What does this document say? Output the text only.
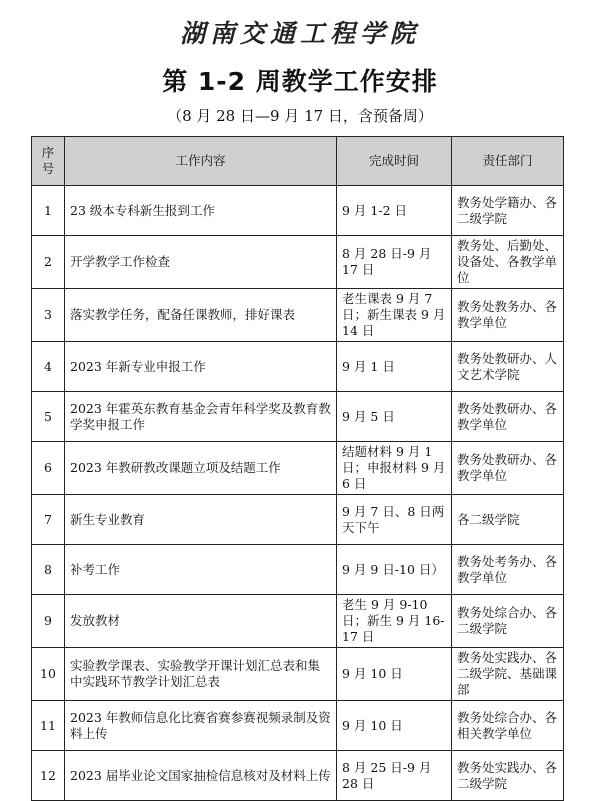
湖南交通工程学院
第 1-2 周教学工作安排
（8 月 28 日—9 月 17 日，含预备周）
序号	工作内容	完成时间	责任部门
1	23 级本专科新生报到工作	9 月 1-2 日	教务处学籍办、各二级学院
2	开学教学工作检查	8 月 28 日-9 月 17 日	教务处、后勤处、设备处、各教学单位
3	落实教学任务，配备任课教师，排好课表	老生课表 9 月 7 日；新生课表 9 月 14 日	教务处教务办、各教学单位
4	2023 年新专业申报工作	9 月 1 日	教务处教研办、人文艺术学院
5	2023 年霍英东教育基金会青年科学奖及教育教学奖申报工作	9 月 5 日	教务处教研办、各教学单位
6	2023 年教研教改课题立项及结题工作	结题材料 9 月 1 日；申报材料 9 月 6 日	教务处教研办、各教学单位
7	新生专业教育	9 月 7 日、8 日两天下午	各二级学院
8	补考工作	9 月 9 日-10 日）	教务处考务办、各教学单位
9	发放教材	老生 9 月 9-10 日；新生 9 月 16-17 日	教务处综合办、各二级学院
10	实验教学课表、实验教学开课计划汇总表和集中实践环节教学计划汇总表	9 月 10 日	教务处实践办、各二级学院、基础课部
11	2023 年教师信息化比赛省赛参赛视频录制及资料上传	9 月 10 日	教务处综合办、各相关教学单位
12	2023 届毕业论文国家抽检信息核对及材料上传	8 月 25 日-9 月 28 日	教务处实践办、各二级学院
